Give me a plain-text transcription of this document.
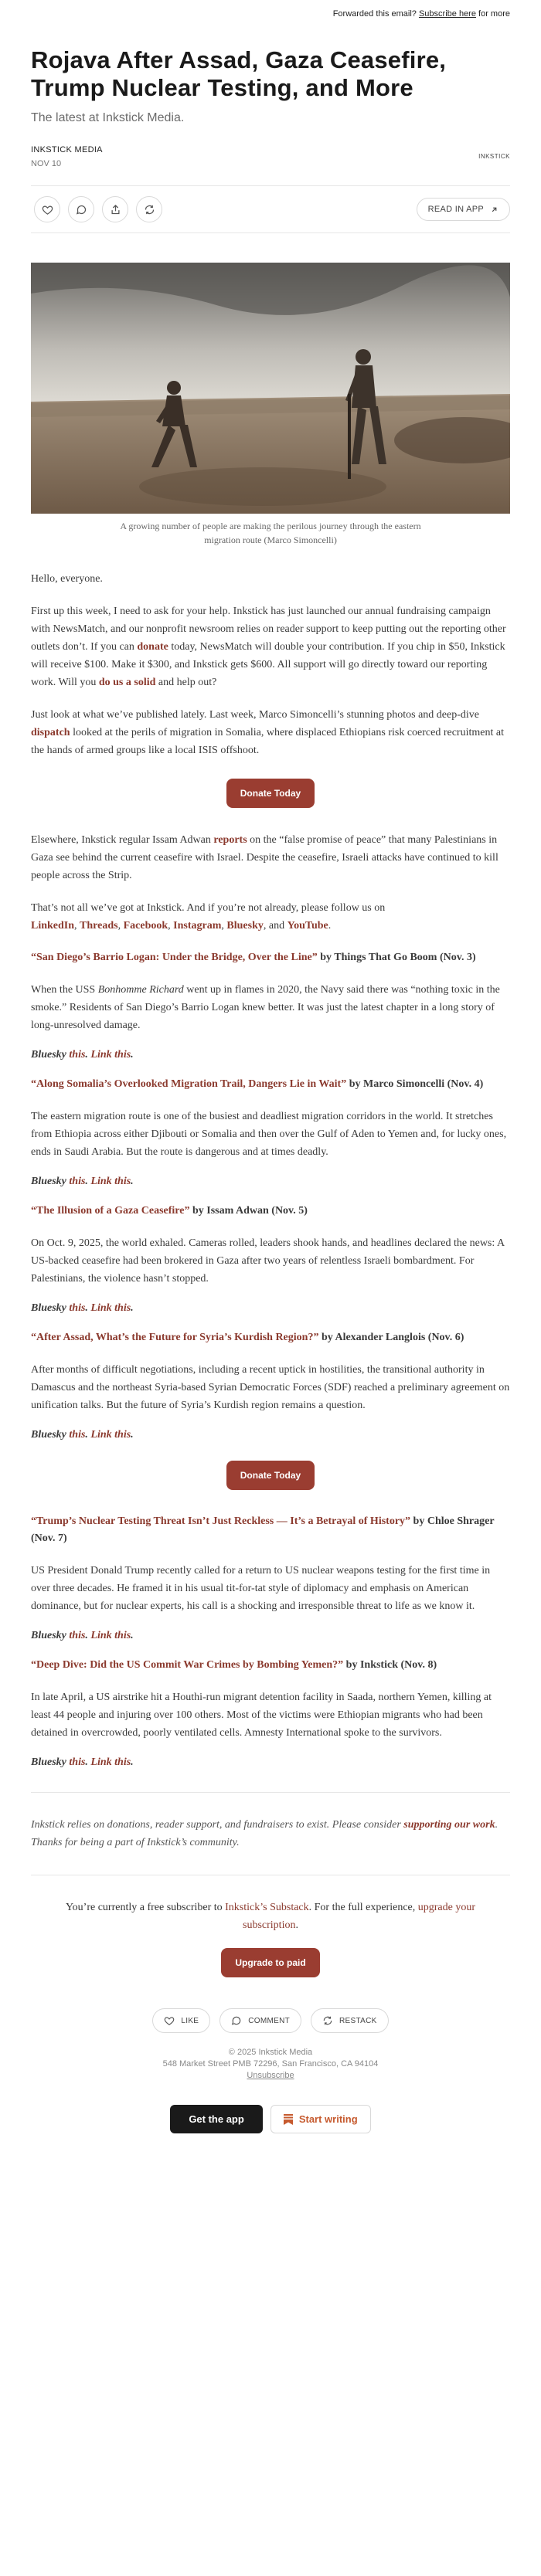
Forwarded this email? Subscribe here for more
Rojava After Assad, Gaza Ceasefire, Trump Nuclear Testing, and More

The latest at Inkstick Media.

INKSTICK MEDIA
NOV 10
INKSTICK
READ IN APP
A growing number of people are making the perilous journey through the eastern migration route (Marco Simoncelli)

Hello, everyone.

First up this week, I need to ask for your help. Inkstick has just launched our annual fundraising campaign with NewsMatch, and our nonprofit newsroom relies on reader support to keep putting out the reporting other outlets don’t. If you can donate today, NewsMatch will double your contribution. If you chip in $50, Inkstick will receive $100. Make it $300, and Inkstick gets $600. All support will go directly toward our reporting work. Will you do us a solid and help out?

Just look at what we’ve published lately. Last week, Marco Simoncelli’s stunning photos and deep-dive dispatch looked at the perils of migration in Somalia, where displaced Ethiopians risk coerced recruitment at the hands of armed groups like a local ISIS offshoot.

Donate Today

Elsewhere, Inkstick regular Issam Adwan reports on the “false promise of peace” that many Palestinians in Gaza see behind the current ceasefire with Israel. Despite the ceasefire, Israeli attacks have continued to kill people across the Strip.

That’s not all we’ve got at Inkstick. And if you’re not already, please follow us on
LinkedIn, Threads, Facebook, Instagram, Bluesky, and YouTube.

“San Diego’s Barrio Logan: Under the Bridge, Over the Line” by Things That Go Boom (Nov. 3)

When the USS Bonhomme Richard went up in flames in 2020, the Navy said there was “nothing toxic in the smoke.” Residents of San Diego’s Barrio Logan knew better. It was just the latest chapter in a long story of long-unresolved damage.

Bluesky this. Link this.

“Along Somalia’s Overlooked Migration Trail, Dangers Lie in Wait” by Marco Simoncelli (Nov. 4)

The eastern migration route is one of the busiest and deadliest migration corridors in the world. It stretches from Ethiopia across either Djibouti or Somalia and then over the Gulf of Aden to Yemen and, for lucky ones, ends in Saudi Arabia. But the route is dangerous and at times deadly.

Bluesky this. Link this.

“The Illusion of a Gaza Ceasefire” by Issam Adwan (Nov. 5)

On Oct. 9, 2025, the world exhaled. Cameras rolled, leaders shook hands, and headlines declared the news: A US-backed ceasefire had been brokered in Gaza after two years of relentless Israeli bombardment. For Palestinians, the violence hasn’t stopped.

Bluesky this. Link this.

“After Assad, What’s the Future for Syria’s Kurdish Region?” by Alexander Langlois (Nov. 6)

After months of difficult negotiations, including a recent uptick in hostilities, the transitional authority in Damascus and the northeast Syria-based Syrian Democratic Forces (SDF) reached a preliminary agreement on unification talks. But the future of Syria’s Kurdish region remains a question.

Bluesky this. Link this.

Donate Today

“Trump’s Nuclear Testing Threat Isn’t Just Reckless — It’s a Betrayal of History” by Chloe Shrager (Nov. 7)

US President Donald Trump recently called for a return to US nuclear weapons testing for the first time in over three decades. He framed it in his usual tit-for-tat style of diplomacy and emphasis on American dominance, but for nuclear experts, his call is a shocking and irresponsible threat to life as we know it.

Bluesky this. Link this.

“Deep Dive: Did the US Commit War Crimes by Bombing Yemen?” by Inkstick (Nov. 8)

In late April, a US airstrike hit a Houthi-run migrant detention facility in Saada, northern Yemen, killing at least 44 people and injuring over 100 others. Most of the victims were Ethiopian migrants who had been detained in overcrowded, poorly ventilated cells. Amnesty International spoke to the survivors.

Bluesky this. Link this.

Inkstick relies on donations, reader support, and fundraisers to exist. Please consider supporting our work. Thanks for being a part of Inkstick’s community.

You’re currently a free subscriber to Inkstick’s Substack. For the full experience, upgrade your subscription.

Upgrade to paid
LIKE	COMMENT	RESTACK
© 2025 Inkstick Media
548 Market Street PMB 72296, San Francisco, CA 94104
Unsubscribe
Get the app	Start writing
